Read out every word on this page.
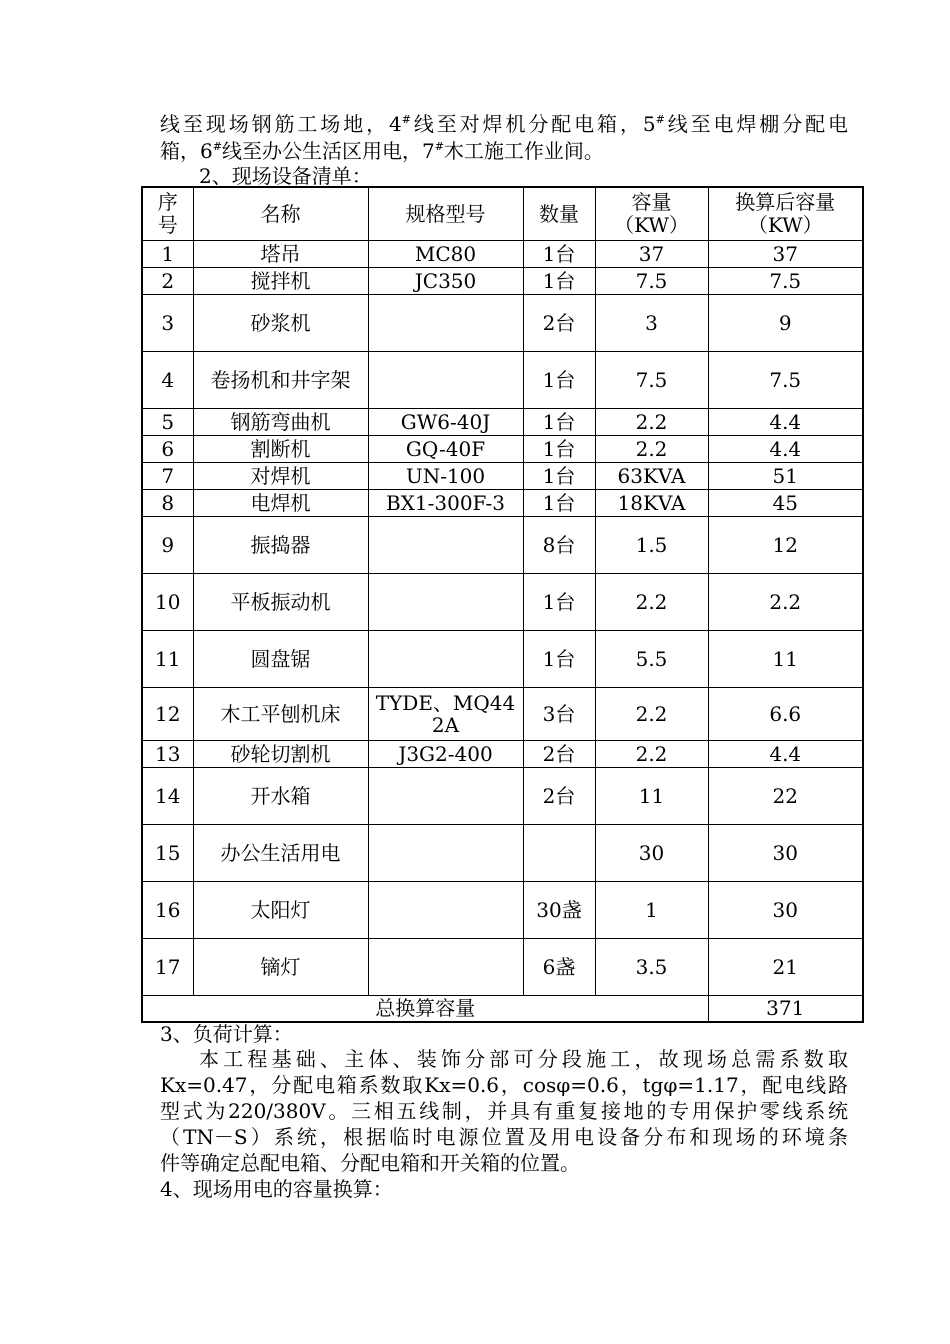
线至现场钢筋工场地，4#线至对焊机分配电箱，5#线至电焊棚分配电
箱，6#线至办公生活区用电，7#木工施工作业间。
2、现场设备清单：
序号	名称	规格型号	数量	容量（KW）	换算后容量（KW）

1	塔吊	MC80	1台	37	37
2	搅拌机	JC350	1台	7.5	7.5
3	砂浆机		2台	3	9
4	卷扬机和井字架		1台	7.5	7.5
5	钢筋弯曲机	GW6-40J	1台	2.2	4.4
6	割断机	GQ-40F	1台	2.2	4.4
7	对焊机	UN-100	1台	63KVA	51
8	电焊机	BX1-300F-3	1台	18KVA	45
9	振捣器		8台	1.5	12
10	平板振动机		1台	2.2	2.2
11	圆盘锯		1台	5.5	11
12	木工平刨机床	TYDE、MQ442A	3台	2.2	6.6
13	砂轮切割机	J3G2-400	2台	2.2	4.4
14	开水箱		2台	11	22
15	办公生活用电			30	30
16	太阳灯		30盏	1	30
17	镝灯		6盏	3.5	21
总换算容量					371
3、负荷计算：
本工程基础、主体、装饰分部可分段施工，故现场总需系数取
Kx=0.47，分配电箱系数取Kx=0.6，cosφ=0.6，tgφ=1.17，配电线路
型式为220/380V。三相五线制，并具有重复接地的专用保护零线系统
（TN－S）系统，根据临时电源位置及用电设备分布和现场的环境条
件等确定总配电箱、分配电箱和开关箱的位置。
4、现场用电的容量换算：
